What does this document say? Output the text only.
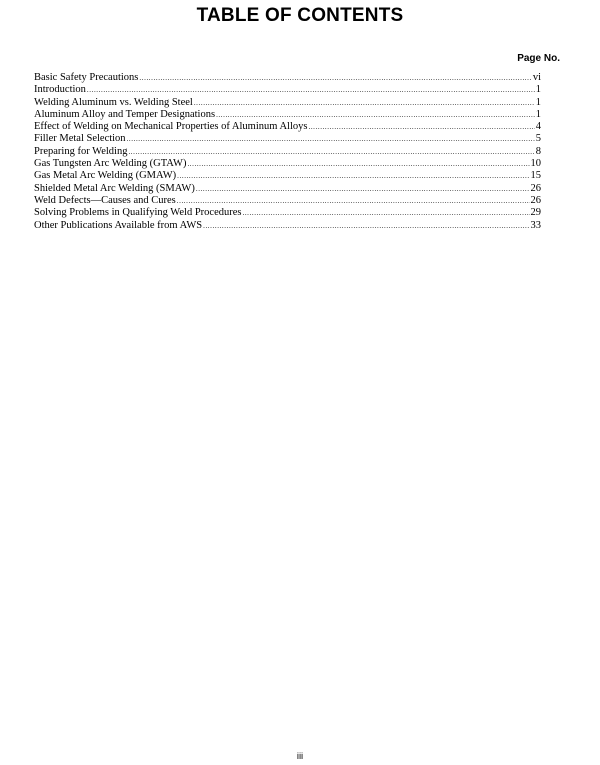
TABLE OF CONTENTS
Page No.
Basic Safety Precautions .....	vi
Introduction .....	1
Welding Aluminum vs. Welding Steel .....	1
Aluminum Alloy and Temper Designations .....	1
Effect of Welding on Mechanical Properties of Aluminum Alloys .....	4
Filler Metal Selection .....	5
Preparing for Welding .....	8
Gas Tungsten Arc Welding (GTAW) .....	10
Gas Metal Arc Welding (GMAW) .....	15
Shielded Metal Arc Welding (SMAW) .....	26
Weld Defects—Causes and Cures .....	26
Solving Problems in Qualifying Weld Procedures .....	29
Other Publications Available from AWS .....	33
iii
